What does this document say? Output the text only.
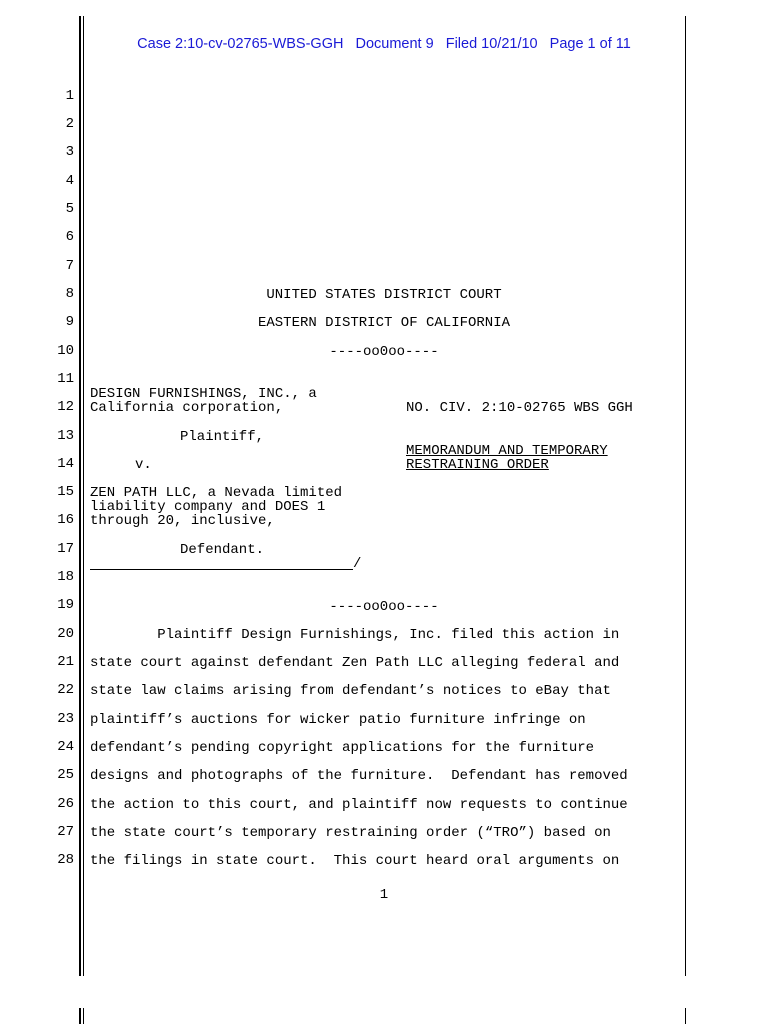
Case 2:10-cv-02765-WBS-GGH Document 9 Filed 10/21/10 Page 1 of 11
1
2
3
4
5
6
7
8
9
10
11
12
13
14
15
16
17
18
19
20
21
22
23
24
25
26
27
28
UNITED STATES DISTRICT COURT
EASTERN DISTRICT OF CALIFORNIA
----oo0oo----
DESIGN FURNISHINGS, INC., a
California corporation,
Plaintiff,
v.
ZEN PATH LLC, a Nevada limited
liability company and DOES 1
through 20, inclusive,
Defendant.
/
NO. CIV. 2:10-02765 WBS GGH
MEMORANDUM AND TEMPORARY
RESTRAINING ORDER
----oo0oo----
Plaintiff Design Furnishings, Inc. filed this action in
state court against defendant Zen Path LLC alleging federal and
state law claims arising from defendant’s notices to eBay that
plaintiff’s auctions for wicker patio furniture infringe on
defendant’s pending copyright applications for the furniture
designs and photographs of the furniture.  Defendant has removed
the action to this court, and plaintiff now requests to continue
the state court’s temporary restraining order (“TRO”) based on
the filings in state court.  This court heard oral arguments on
1
